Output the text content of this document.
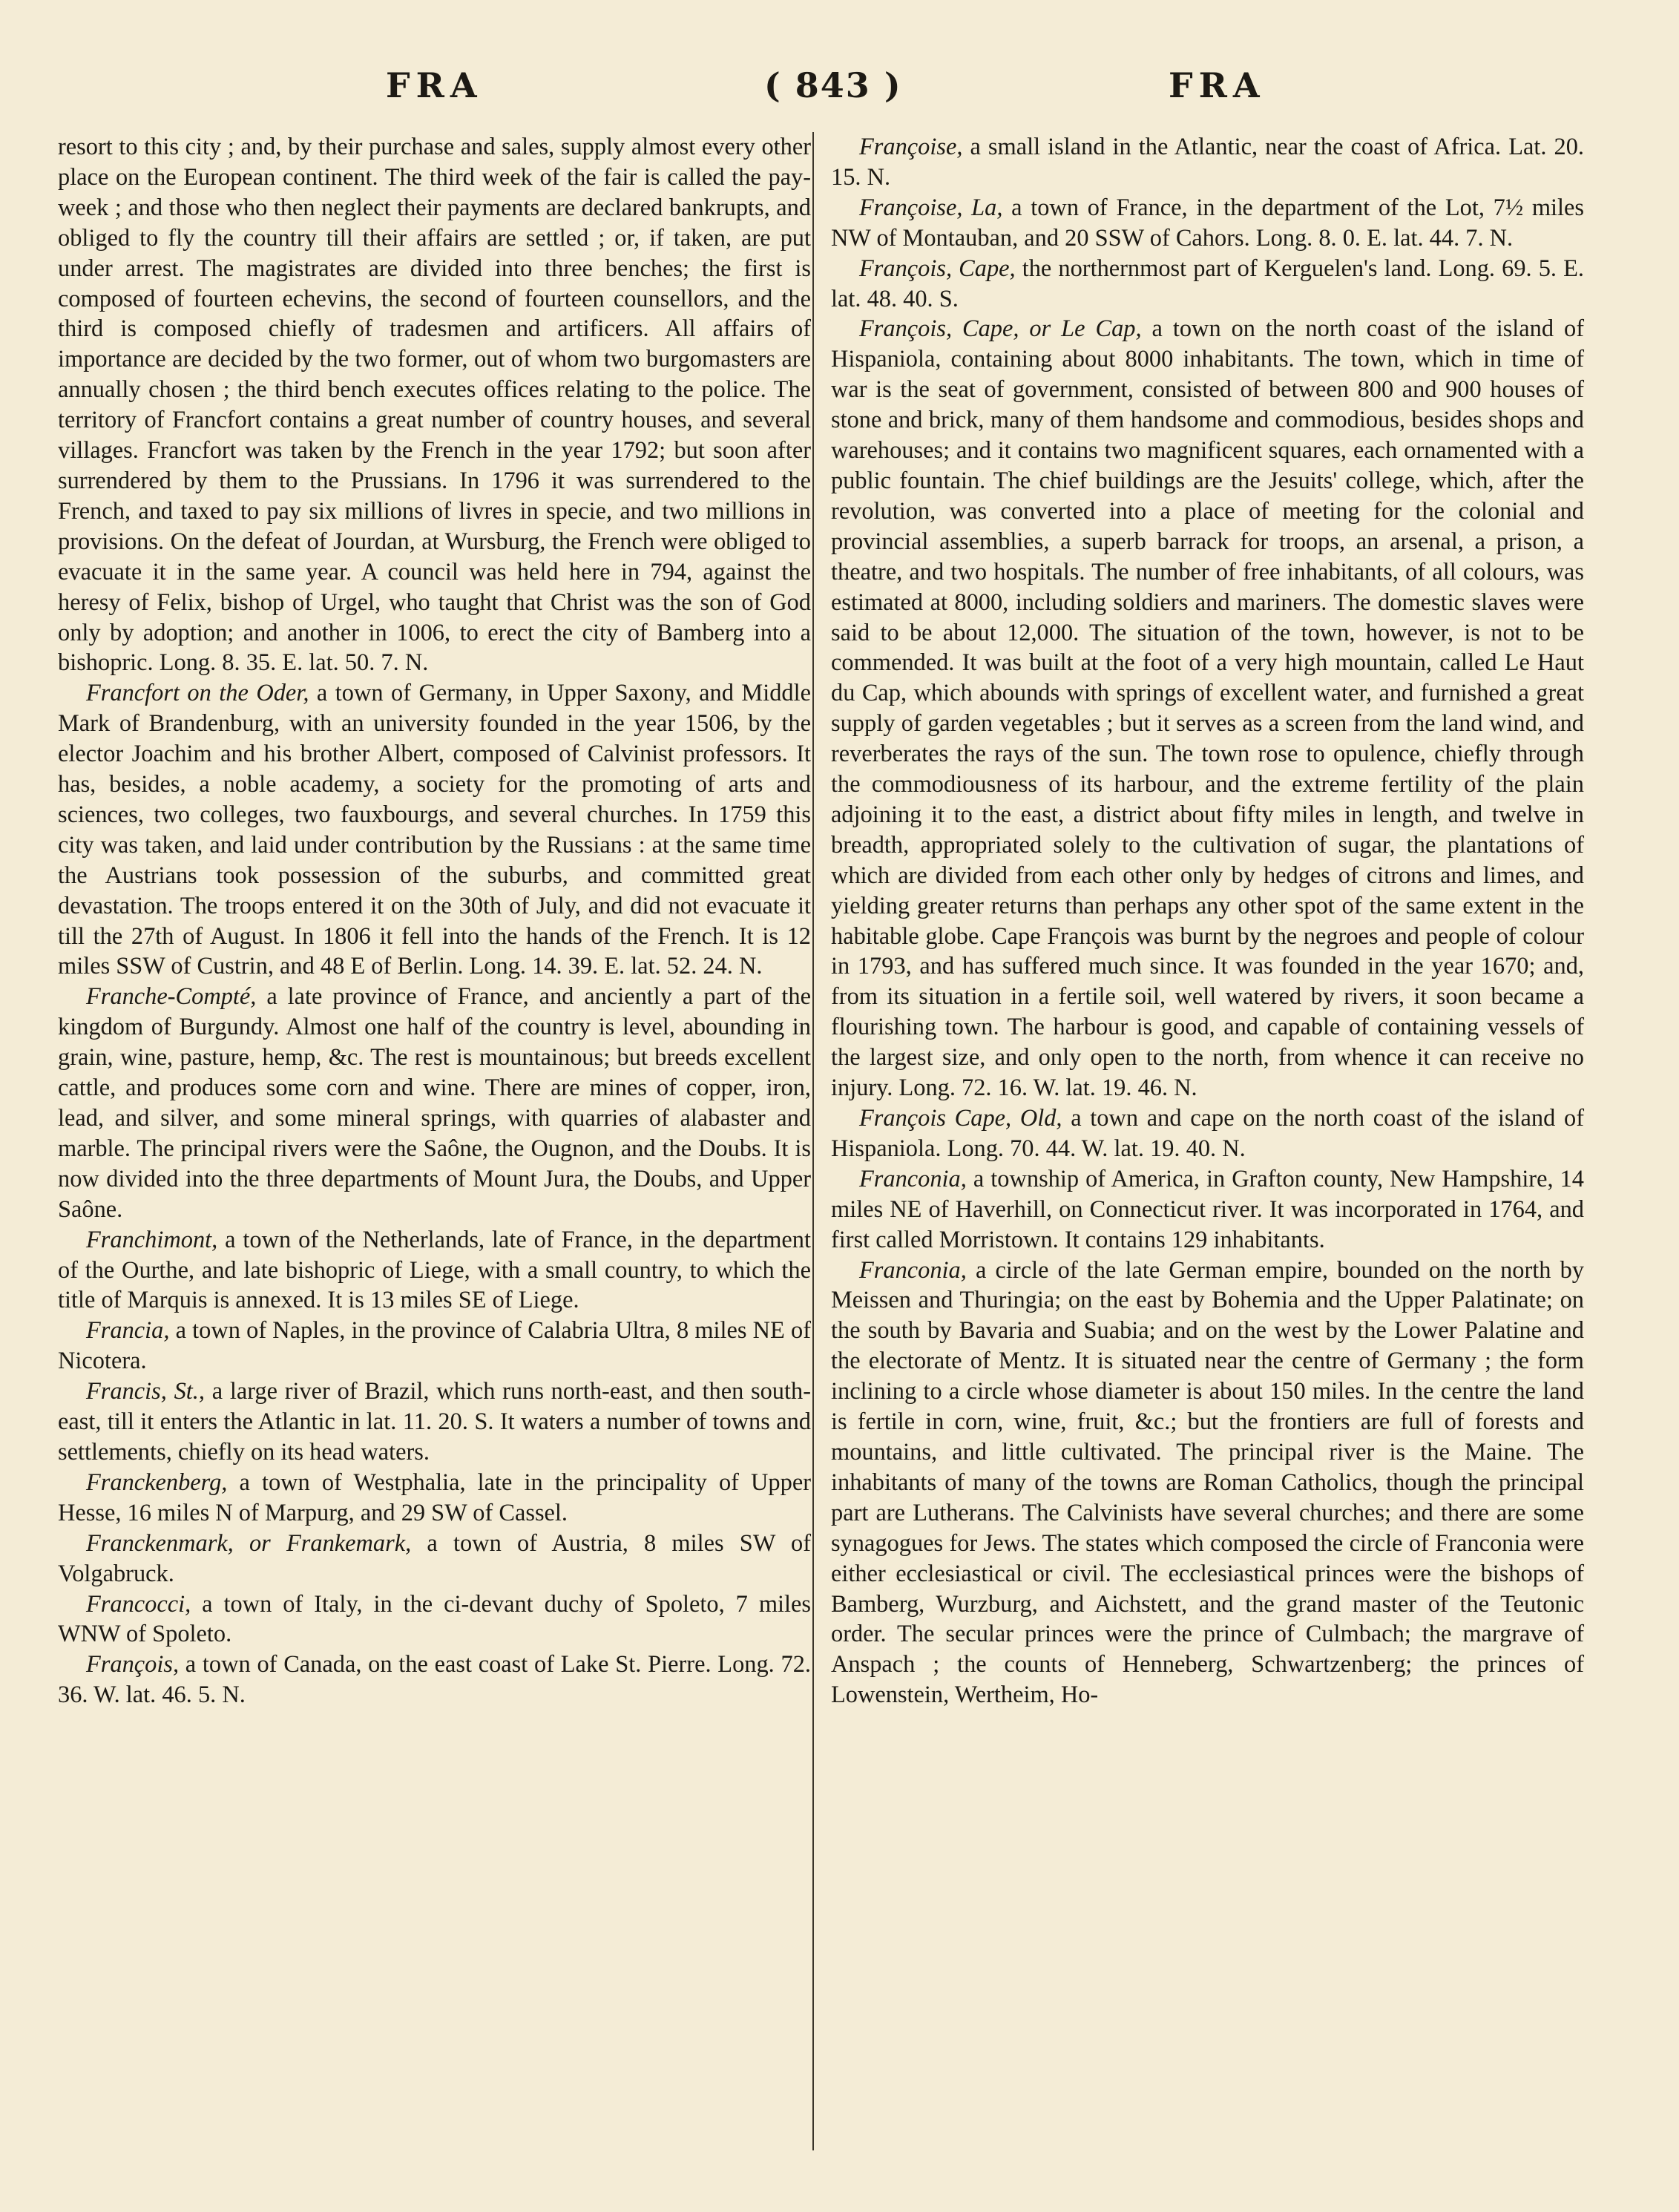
FRA	( 843 )	FRA

resort to this city ; and, by their purchase and sales, supply almost every other place on the European continent. The third week of the fair is called the pay-week ; and those who then neglect their payments are declared bankrupts, and obliged to fly the country till their affairs are settled ; or, if taken, are put under arrest. The magistrates are divided into three benches; the first is composed of fourteen echevins, the second of fourteen counsellors, and the third is composed chiefly of tradesmen and artificers. All affairs of importance are decided by the two former, out of whom two burgomasters are annually chosen ; the third bench executes offices relating to the police. The territory of Francfort contains a great number of country houses, and several villages. Francfort was taken by the French in the year 1792; but soon after surrendered by them to the Prussians. In 1796 it was surrendered to the French, and taxed to pay six millions of livres in specie, and two millions in provisions. On the defeat of Jourdan, at Wursburg, the French were obliged to evacuate it in the same year. A council was held here in 794, against the heresy of Felix, bishop of Urgel, who taught that Christ was the son of God only by adoption; and another in 1006, to erect the city of Bamberg into a bishopric. Long. 8. 35. E. lat. 50. 7. N.

Francfort on the Oder, a town of Germany, in Upper Saxony, and Middle Mark of Brandenburg, with an university founded in the year 1506, by the elector Joachim and his brother Albert, composed of Calvinist professors. It has, besides, a noble academy, a society for the promoting of arts and sciences, two colleges, two fauxbourgs, and several churches. In 1759 this city was taken, and laid under contribution by the Russians : at the same time the Austrians took possession of the suburbs, and committed great devastation. The troops entered it on the 30th of July, and did not evacuate it till the 27th of August. In 1806 it fell into the hands of the French. It is 12 miles SSW of Custrin, and 48 E of Berlin. Long. 14. 39. E. lat. 52. 24. N.

Franche-Compté, a late province of France, and anciently a part of the kingdom of Burgundy. Almost one half of the country is level, abounding in grain, wine, pasture, hemp, &c. The rest is mountainous; but breeds excellent cattle, and produces some corn and wine. There are mines of copper, iron, lead, and silver, and some mineral springs, with quarries of alabaster and marble. The principal rivers were the Saône, the Ougnon, and the Doubs. It is now divided into the three departments of Mount Jura, the Doubs, and Upper Saône.

Franchimont, a town of the Netherlands, late of France, in the department of the Ourthe, and late bishopric of Liege, with a small country, to which the title of Marquis is annexed. It is 13 miles SE of Liege.

Francia, a town of Naples, in the province of Calabria Ultra, 8 miles NE of Nicotera.

Francis, St., a large river of Brazil, which runs north-east, and then south-east, till it enters the Atlantic in lat. 11. 20. S. It waters a number of towns and settlements, chiefly on its head waters.

Franckenberg, a town of Westphalia, late in the principality of Upper Hesse, 16 miles N of Marpurg, and 29 SW of Cassel.

Franckenmark, or Frankemark, a town of Austria, 8 miles SW of Volgabruck.

Francocci, a town of Italy, in the ci-devant duchy of Spoleto, 7 miles WNW of Spoleto.

François, a town of Canada, on the east coast of Lake St. Pierre. Long. 72. 36. W. lat. 46. 5. N.

Françoise, a small island in the Atlantic, near the coast of Africa. Lat. 20. 15. N.

Françoise, La, a town of France, in the department of the Lot, 7½ miles NW of Montauban, and 20 SSW of Cahors. Long. 8. 0. E. lat. 44. 7. N.

François, Cape, the northernmost part of Kerguelen's land. Long. 69. 5. E. lat. 48. 40. S.

François, Cape, or Le Cap, a town on the north coast of the island of Hispaniola, containing about 8000 inhabitants. The town, which in time of war is the seat of government, consisted of between 800 and 900 houses of stone and brick, many of them handsome and commodious, besides shops and warehouses; and it contains two magnificent squares, each ornamented with a public fountain. The chief buildings are the Jesuits' college, which, after the revolution, was converted into a place of meeting for the colonial and provincial assemblies, a superb barrack for troops, an arsenal, a prison, a theatre, and two hospitals. The number of free inhabitants, of all colours, was estimated at 8000, including soldiers and mariners. The domestic slaves were said to be about 12,000. The situation of the town, however, is not to be commended. It was built at the foot of a very high mountain, called Le Haut du Cap, which abounds with springs of excellent water, and furnished a great supply of garden vegetables ; but it serves as a screen from the land wind, and reverberates the rays of the sun. The town rose to opulence, chiefly through the commodiousness of its harbour, and the extreme fertility of the plain adjoining it to the east, a district about fifty miles in length, and twelve in breadth, appropriated solely to the cultivation of sugar, the plantations of which are divided from each other only by hedges of citrons and limes, and yielding greater returns than perhaps any other spot of the same extent in the habitable globe. Cape François was burnt by the negroes and people of colour in 1793, and has suffered much since. It was founded in the year 1670; and, from its situation in a fertile soil, well watered by rivers, it soon became a flourishing town. The harbour is good, and capable of containing vessels of the largest size, and only open to the north, from whence it can receive no injury. Long. 72. 16. W. lat. 19. 46. N.

François Cape, Old, a town and cape on the north coast of the island of Hispaniola. Long. 70. 44. W. lat. 19. 40. N.

Franconia, a township of America, in Grafton county, New Hampshire, 14 miles NE of Haverhill, on Connecticut river. It was incorporated in 1764, and first called Morristown. It contains 129 inhabitants.

Franconia, a circle of the late German empire, bounded on the north by Meissen and Thuringia; on the east by Bohemia and the Upper Palatinate; on the south by Bavaria and Suabia; and on the west by the Lower Palatine and the electorate of Mentz. It is situated near the centre of Germany ; the form inclining to a circle whose diameter is about 150 miles. In the centre the land is fertile in corn, wine, fruit, &c.; but the frontiers are full of forests and mountains, and little cultivated. The principal river is the Maine. The inhabitants of many of the towns are Roman Catholics, though the principal part are Lutherans. The Calvinists have several churches; and there are some synagogues for Jews. The states which composed the circle of Franconia were either ecclesiastical or civil. The ecclesiastical princes were the bishops of Bamberg, Wurzburg, and Aichstett, and the grand master of the Teutonic order. The secular princes were the prince of Culmbach; the margrave of Anspach ; the counts of Henneberg, Schwartzenberg; the princes of Lowenstein, Wertheim, Ho-
